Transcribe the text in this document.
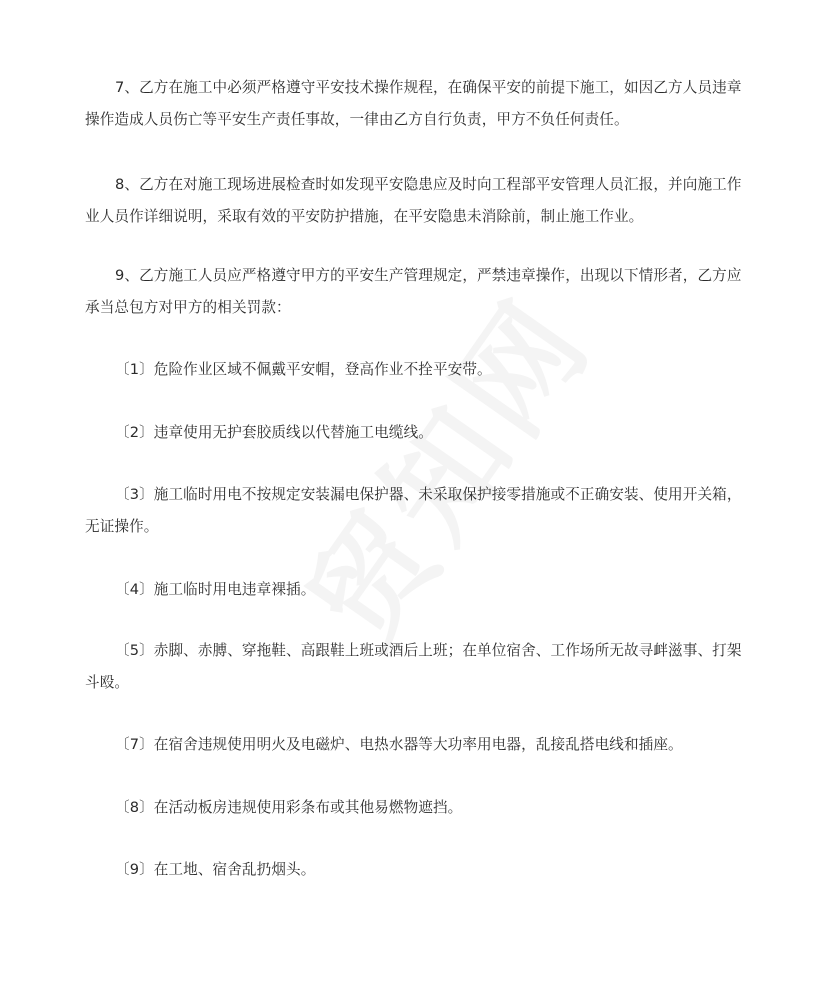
7、乙方在施工中必须严格遵守平安技术操作规程，在确保平安的前提下施工，如因乙方人员违章操作造成人员伤亡等平安生产责任事故，一律由乙方自行负责，甲方不负任何责任。

8、乙方在对施工现场进展检查时如发现平安隐患应及时向工程部平安管理人员汇报，并向施工作业人员作详细说明，采取有效的平安防护措施，在平安隐患未消除前，制止施工作业。

9、乙方施工人员应严格遵守甲方的平安生产管理规定，严禁违章操作，出现以下情形者，乙方应承当总包方对甲方的相关罚款：

〔1〕危险作业区域不佩戴平安帽，登高作业不拴平安带。

〔2〕违章使用无护套胶质线以代替施工电缆线。

〔3〕施工临时用电不按规定安装漏电保护器、未采取保护接零措施或不正确安装、使用开关箱，无证操作。

〔4〕施工临时用电违章裸插。

〔5〕赤脚、赤膊、穿拖鞋、高跟鞋上班或酒后上班；在单位宿舍、工作场所无故寻衅滋事、打架斗殴。

〔7〕在宿舍违规使用明火及电磁炉、电热水器等大功率用电器，乱接乱搭电线和插座。

〔8〕在活动板房违规使用彩条布或其他易燃物遮挡。

〔9〕在工地、宿舍乱扔烟头。
